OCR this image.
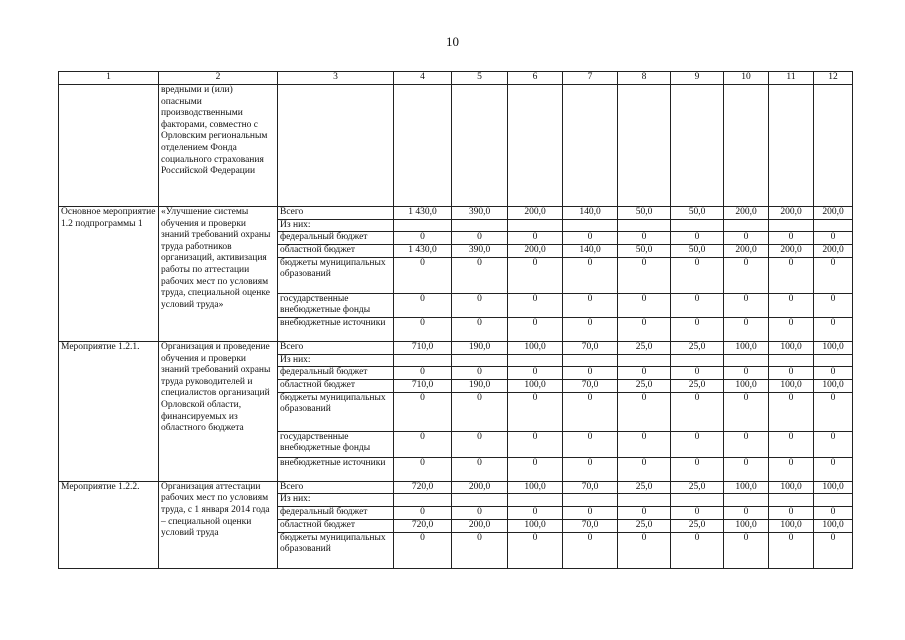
10
1	2	3	4	5	6	7	8	9	10	11	12
	вредными и (или) опасными производственными факторами, совместно с Орловским региональным отделением Фонда социального страхования Российской Федерации										
Основное мероприятие 1.2 подпрограммы 1	«Улучшение системы обучения и проверки знаний требований охраны труда работников организаций, активизация работы по аттестации рабочих мест по условиям труда, специальной оценке условий труда»	Всего	1 430,0	390,0	200,0	140,0	50,0	50,0	200,0	200,0	200,0
		Из них:									
		федеральный бюджет	0	0	0	0	0	0	0	0	0
		областной бюджет	1 430,0	390,0	200,0	140,0	50,0	50,0	200,0	200,0	200,0
		бюджеты муниципальных образований	0	0	0	0	0	0	0	0	0
		государственные внебюджетные фонды	0	0	0	0	0	0	0	0	0
		внебюджетные источники	0	0	0	0	0	0	0	0	0
Мероприятие 1.2.1.	Организация и проведение обучения и проверки знаний требований охраны труда руководителей и специалистов организаций Орловской области, финансируемых из областного бюджета	Всего	710,0	190,0	100,0	70,0	25,0	25,0	100,0	100,0	100,0
		Из них:									
		федеральный бюджет	0	0	0	0	0	0	0	0	0
		областной бюджет	710,0	190,0	100,0	70,0	25,0	25,0	100,0	100,0	100,0
		бюджеты муниципальных образований	0	0	0	0	0	0	0	0	0
		государственные внебюджетные фонды	0	0	0	0	0	0	0	0	0
		внебюджетные источники	0	0	0	0	0	0	0	0	0
Мероприятие 1.2.2.	Организация аттестации рабочих мест по условиям труда, с 1 января 2014 года – специальной оценки условий труда	Всего	720,0	200,0	100,0	70,0	25,0	25,0	100,0	100,0	100,0
		Из них:									
		федеральный бюджет	0	0	0	0	0	0	0	0	0
		областной бюджет	720,0	200,0	100,0	70,0	25,0	25,0	100,0	100,0	100,0
		бюджеты муниципальных образований	0	0	0	0	0	0	0	0	0
